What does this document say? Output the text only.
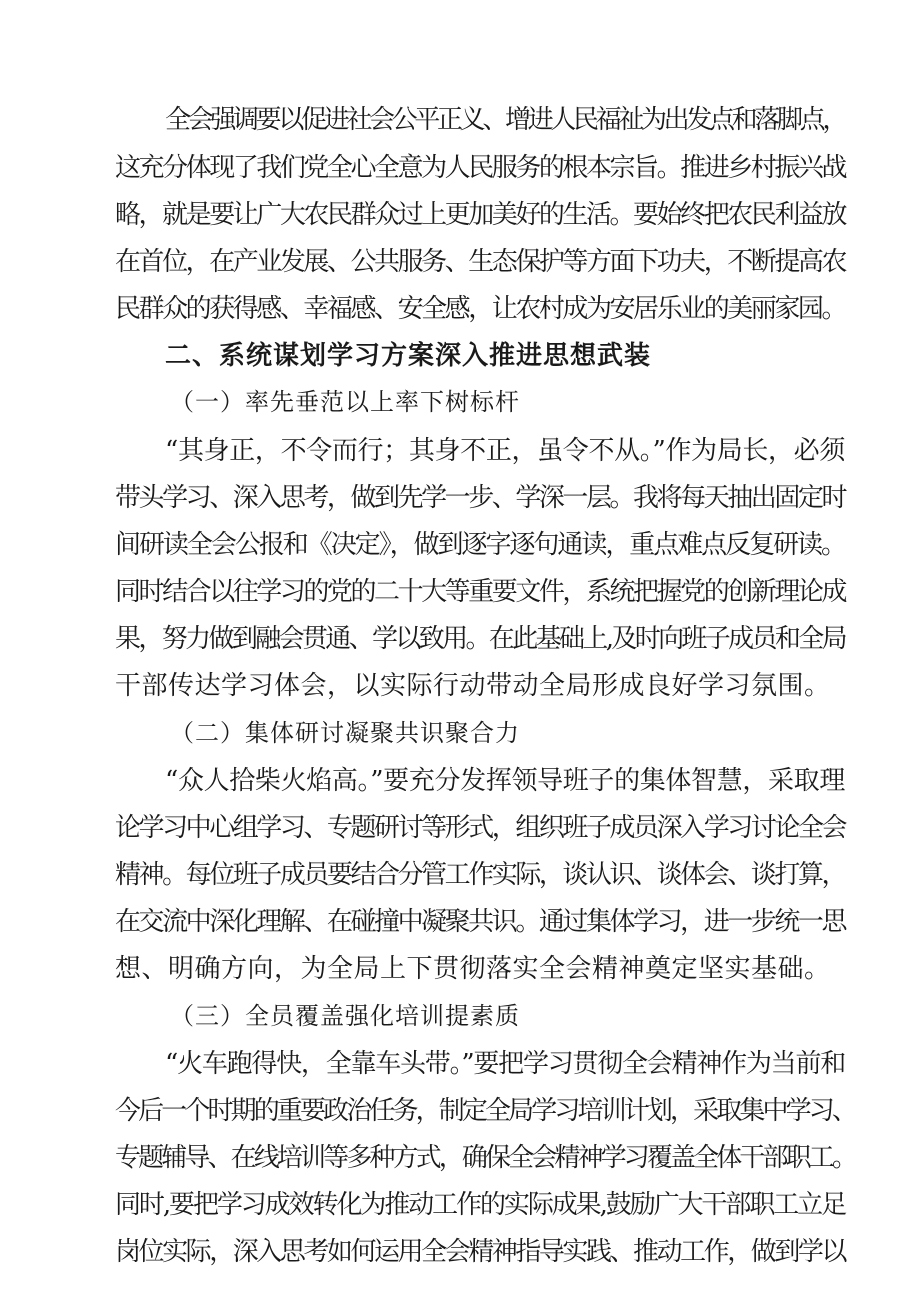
全会强调要以促进社会公平正义、增进人民福祉为出发点和落脚点，
这充分体现了我们党全心全意为人民服务的根本宗旨。推进乡村振兴战
略，就是要让广大农民群众过上更加美好的生活。要始终把农民利益放
在首位，在产业发展、公共服务、生态保护等方面下功夫，不断提高农
民群众的获得感、幸福感、安全感，让农村成为安居乐业的美丽家园。
二、系统谋划学习方案深入推进思想武装
（一）率先垂范以上率下树标杆
“其身正，不令而行；其身不正，虽令不从。”作为局长，必须
带头学习、深入思考，做到先学一步、学深一层。我将每天抽出固定时
间研读全会公报和《决定》，做到逐字逐句通读，重点难点反复研读。
同时结合以往学习的党的二十大等重要文件，系统把握党的创新理论成
果，努力做到融会贯通、学以致用。在此基础上,及时向班子成员和全局
干部传达学习体会，以实际行动带动全局形成良好学习氛围。
（二）集体研讨凝聚共识聚合力
“众人拾柴火焰高。”要充分发挥领导班子的集体智慧，采取理
论学习中心组学习、专题研讨等形式，组织班子成员深入学习讨论全会
精神。每位班子成员要结合分管工作实际，谈认识、谈体会、谈打算，
在交流中深化理解、在碰撞中凝聚共识。通过集体学习，进一步统一思
想、明确方向，为全局上下贯彻落实全会精神奠定坚实基础。
（三）全员覆盖强化培训提素质
“火车跑得快，全靠车头带。”要把学习贯彻全会精神作为当前和
今后一个时期的重要政治任务，制定全局学习培训计划，采取集中学习、
专题辅导、在线培训等多种方式，确保全会精神学习覆盖全体干部职工。
同时,要把学习成效转化为推动工作的实际成果,鼓励广大干部职工立足
岗位实际，深入思考如何运用全会精神指导实践、推动工作，做到学以
